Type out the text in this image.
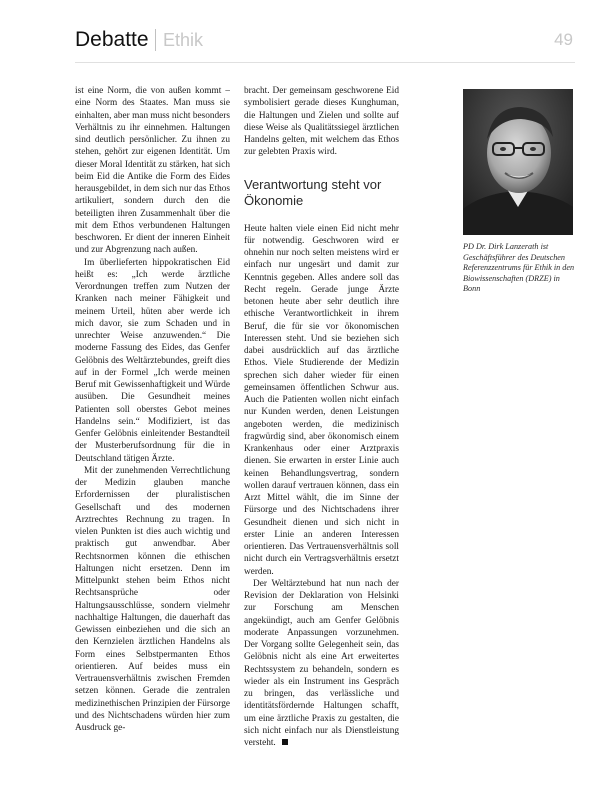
Debatte Ethik	49

ist eine Norm, die von außen kommt – eine Norm des Staates. Man muss sie einhalten, aber man muss nicht besonders Verhältnis zu ihr einnehmen. Haltungen sind deutlich persönlicher. Zu ihnen zu stehen, gehört zur eigenen Identität. Um dieser Moral Identität zu stärken, hat sich beim Eid die Antike die Form des Eides herausgebildet, in dem sich nur das Ethos artikuliert, sondern durch den die beteiligten ihren Zusammenhalt über die mit dem Ethos verbundenen Haltungen beschworen. Er dient der inneren Einheit und zur Abgrenzung nach außen.

Im überlieferten hippokratischen Eid heißt es: „Ich werde ärztliche Verordnungen treffen zum Nutzen der Kranken nach meiner Fähigkeit und meinem Urteil, hüten aber werde ich mich davor, sie zum Schaden und in unrechter Weise anzuwenden.“ Die moderne Fassung des Eides, das Genfer Gelöbnis des Weltärztebundes, greift dies auf in der Formel „Ich werde meinen Beruf mit Gewissenhaftigkeit und Würde ausüben. Die Gesundheit meines Patienten soll oberstes Gebot meines Handelns sein.“ Modifiziert, ist das Genfer Gelöbnis einleitender Bestandteil der Musterberufsordnung für die in Deutschland tätigen Ärzte.

Mit der zunehmenden Verrechtlichung der Medizin glauben manche Erfordernissen der pluralistischen Gesellschaft und des modernen Arztrechtes Rechnung zu tragen. In vielen Punkten ist dies auch wichtig und praktisch gut anwendbar. Aber Rechtsnormen können die ethischen Haltungen nicht ersetzen. Denn im Mittelpunkt stehen beim Ethos nicht Rechtsansprüche oder Haltungsausschlüsse, sondern vielmehr nachhaltige Haltungen, die dauerhaft das Gewissen einbeziehen und die sich an den Kernzielen ärztlichen Handelns als Form eines Selbstpermanten Ethos orientieren. Auf beides muss ein Vertrauensverhältnis zwischen Fremden setzen können. Gerade die zentralen medizinethischen Prinzipien der Fürsorge und des Nichtschadens würden hier zum Ausdruck ge-

bracht. Der gemeinsam geschworene Eid symbolisiert gerade dieses Kunghuman, die Haltungen und Zielen und sollte auf diese Weise als Qualitätssiegel ärztlichen Handelns gelten, mit welchem das Ethos zur gelebten Praxis wird.

Verantwortung steht vor Ökonomie

Heute halten viele einen Eid nicht mehr für notwendig. Geschworen wird er ohnehin nur noch selten meistens wird er einfach nur ungesärt und damit zur Kenntnis gegeben. Alles andere soll das Recht regeln. Gerade junge Ärzte betonen heute aber sehr deutlich ihre ethische Verantwortlichkeit in ihrem Beruf, die für sie vor ökonomischen Interessen steht. Und sie beziehen sich dabei ausdrücklich auf das ärztliche Ethos. Viele Studierende der Medizin sprechen sich daher wieder für einen gemeinsamen öffentlichen Schwur aus. Auch die Patienten wollen nicht einfach nur Kunden werden, denen Leistungen angeboten werden, die medizinisch fragwürdig sind, aber ökonomisch einem Krankenhaus oder einer Arztpraxis dienen. Sie erwarten in erster Linie auch keinen Behandlungsvertrag, sondern wollen darauf vertrauen können, dass ein Arzt Mittel wählt, die im Sinne der Fürsorge und des Nichtschadens ihrer Gesundheit dienen und sich nicht in erster Linie an anderen Interessen orientieren. Das Vertrauensverhältnis soll nicht durch ein Vertragsverhältnis ersetzt werden.

Der Weltärztebund hat nun nach der Revision der Deklaration von Helsinki zur Forschung am Menschen angekündigt, auch am Genfer Gelöbnis moderate Anpassungen vorzunehmen. Der Vorgang sollte Gelegenheit sein, das Gelöbnis nicht als eine Art erweitertes Rechtssystem zu behandeln, sondern es wieder als ein Instrument ins Gespräch zu bringen, das verlässliche und identitätsfördernde Haltungen schafft, um eine ärztliche Praxis zu gestalten, die sich nicht einfach nur als Dienstleistung versteht.

PD Dr. Dirk Lanzerath ist Geschäftsführer des Deutschen Referenzzentrums für Ethik in den Biowissenschaften (DRZE) in Bonn
